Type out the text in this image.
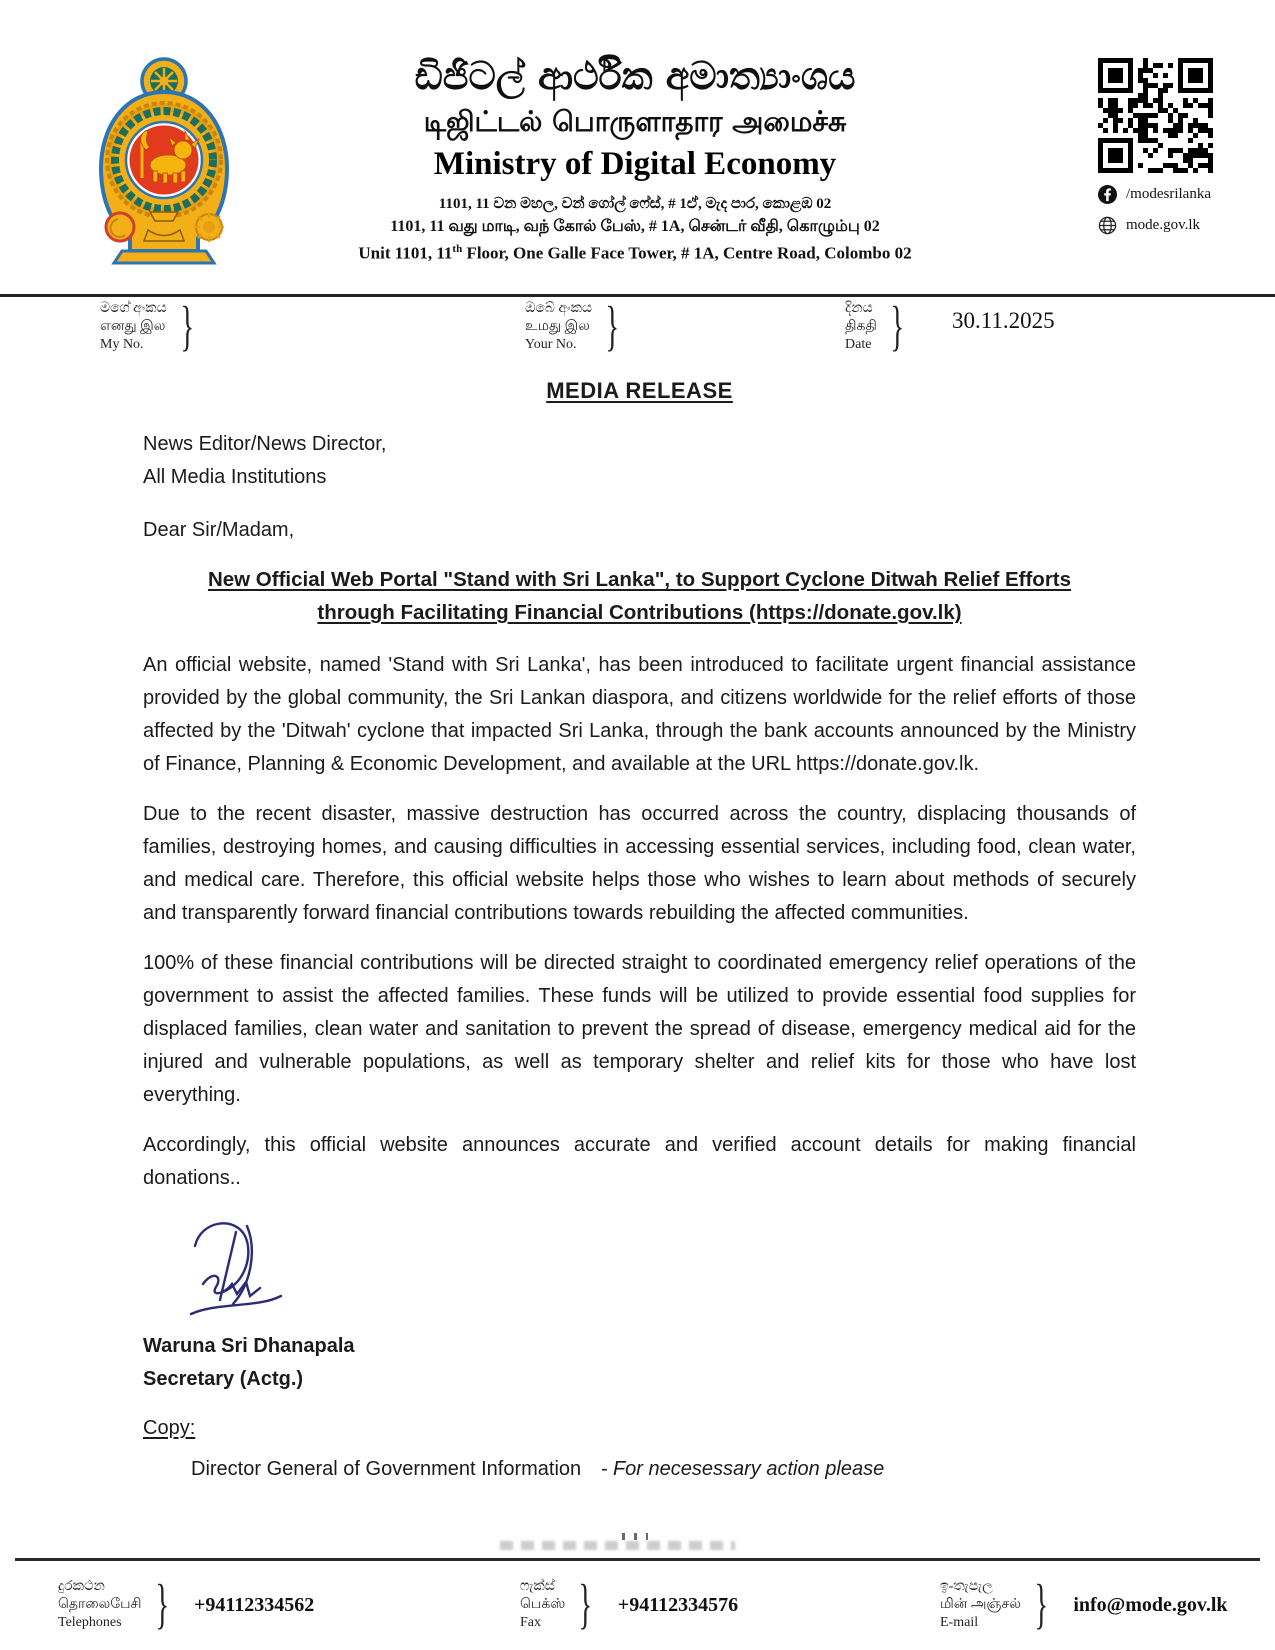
ඩිජිටල් ආර්ථික අමාත්‍යාංශය

டிஜிட்டல் பொருளாதார அமைச்சு

Ministry of Digital Economy

1101, 11 වන මහල, වන් ගෝල් ෆේස්, # 1ඒ, මැද පාර, කොළඹ 02
1101, 11 வது மாடி, வந் கோல் பேஸ், # 1A, சென்டர் வீதி, கொழும்பு 02
Unit 1101, 11th Floor, One Galle Face Tower, # 1A, Centre Road, Colombo 02
/modesrilanka
mode.gov.lk
මගේ අංකය
எனது இல
My No.
}
ඔබේ අංකය
உமது இல
Your No.
}
දිනය
திகதி
Date
}
30.11.2025
MEDIA RELEASE
News Editor/News Director,
All Media Institutions
Dear Sir/Madam,
New Official Web Portal "Stand with Sri Lanka", to Support Cyclone Ditwah Relief Efforts
through Facilitating Financial Contributions (https://donate.gov.lk)

An official website, named 'Stand with Sri Lanka', has been introduced to facilitate urgent financial assistance provided by the global community, the Sri Lankan diaspora, and citizens worldwide for the relief efforts of those affected by the 'Ditwah' cyclone that impacted Sri Lanka, through the bank accounts announced by the Ministry of Finance, Planning & Economic Development, and available at the URL https://donate.gov.lk.

Due to the recent disaster, massive destruction has occurred across the country, displacing thousands of families, destroying homes, and causing difficulties in accessing essential services, including food, clean water, and medical care. Therefore, this official website helps those who wishes to learn about methods of securely and transparently forward financial contributions towards rebuilding the affected communities.

100% of these financial contributions will be directed straight to coordinated emergency relief operations of the government to assist the affected families. These funds will be utilized to provide essential food supplies for displaced families, clean water and sanitation to prevent the spread of disease, emergency medical aid for the injured and vulnerable populations, as well as temporary shelter and relief kits for those who have lost everything.

Accordingly, this official website announces accurate and verified account details for making financial donations..

Waruna Sri Dhanapala
Secretary (Actg.)
Copy:
Director General of Government Information - For necesessary action please
දුරකථන
தொலைபேசி
Telephones
}
+94112334562
ෆැක්ස්
பெக்ஸ்
Fax
}
+94112334576
ඉ-තැපැල
மின் அஞ்சல்
E-mail
}
info@mode.gov.lk
